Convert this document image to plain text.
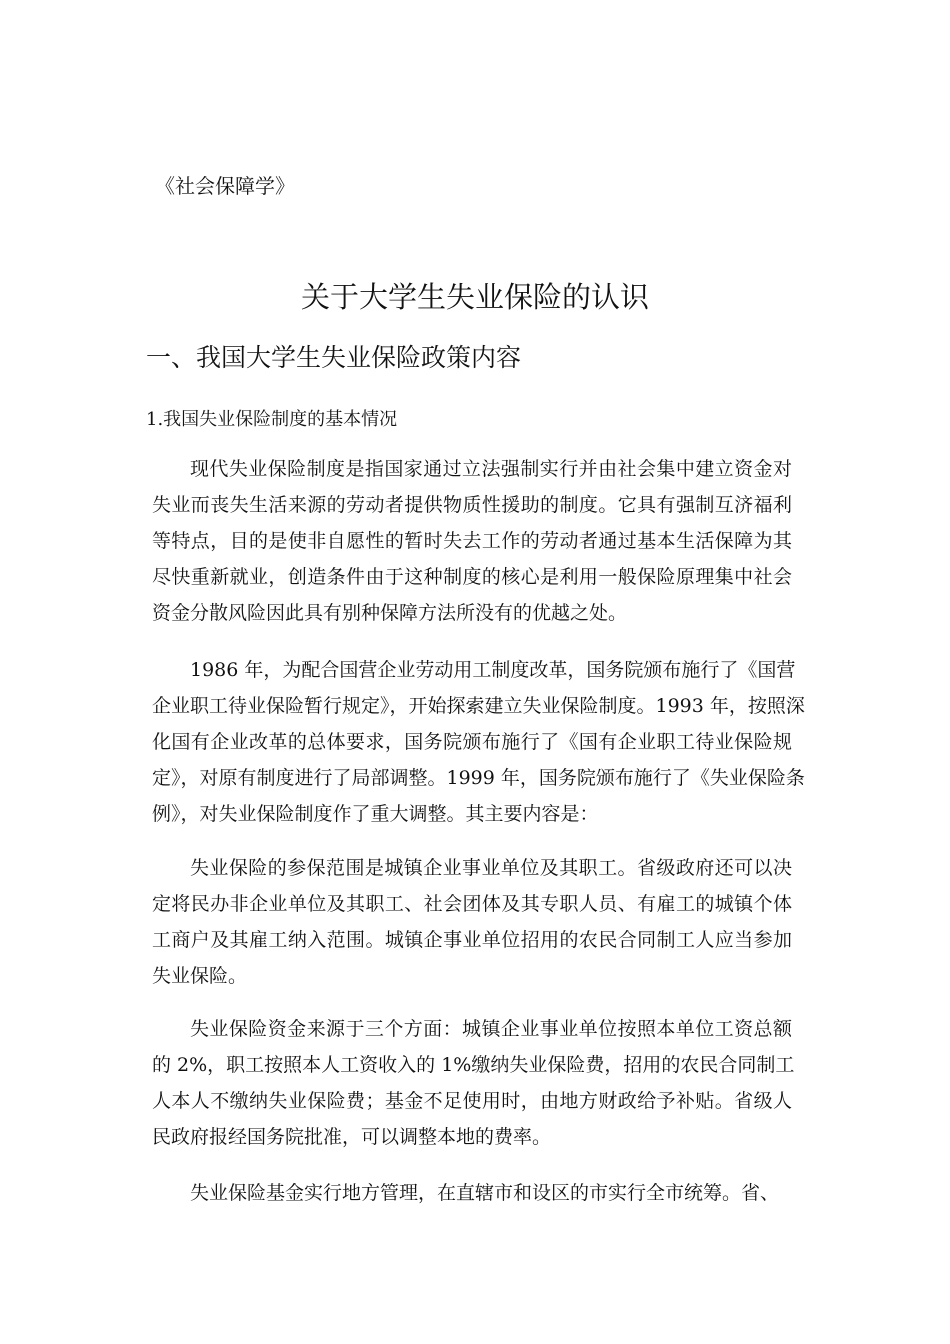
《社会保障学》
关于大学生失业保险的认识
一、我国大学生失业保险政策内容
1.我国失业保险制度的基本情况
现代失业保险制度是指国家通过立法强制实行并由社会集中建立资金对
失业而丧失生活来源的劳动者提供物质性援助的制度。它具有强制互济福利
等特点，目的是使非自愿性的暂时失去工作的劳动者通过基本生活保障为其
尽快重新就业，创造条件由于这种制度的核心是利用一般保险原理集中社会
资金分散风险因此具有别种保障方法所没有的优越之处。
1986 年，为配合国营企业劳动用工制度改革，国务院颁布施行了《国营
企业职工待业保险暂行规定》，开始探索建立失业保险制度。1993 年，按照深
化国有企业改革的总体要求，国务院颁布施行了《国有企业职工待业保险规
定》，对原有制度进行了局部调整。1999 年，国务院颁布施行了《失业保险条
例》，对失业保险制度作了重大调整。其主要内容是：
失业保险的参保范围是城镇企业事业单位及其职工。省级政府还可以决
定将民办非企业单位及其职工、社会团体及其专职人员、有雇工的城镇个体
工商户及其雇工纳入范围。城镇企事业单位招用的农民合同制工人应当参加
失业保险。
失业保险资金来源于三个方面：城镇企业事业单位按照本单位工资总额
的 2%，职工按照本人工资收入的 1%缴纳失业保险费，招用的农民合同制工
人本人不缴纳失业保险费；基金不足使用时，由地方财政给予补贴。省级人
民政府报经国务院批准，可以调整本地的费率。
失业保险基金实行地方管理，在直辖市和设区的市实行全市统筹。省、
